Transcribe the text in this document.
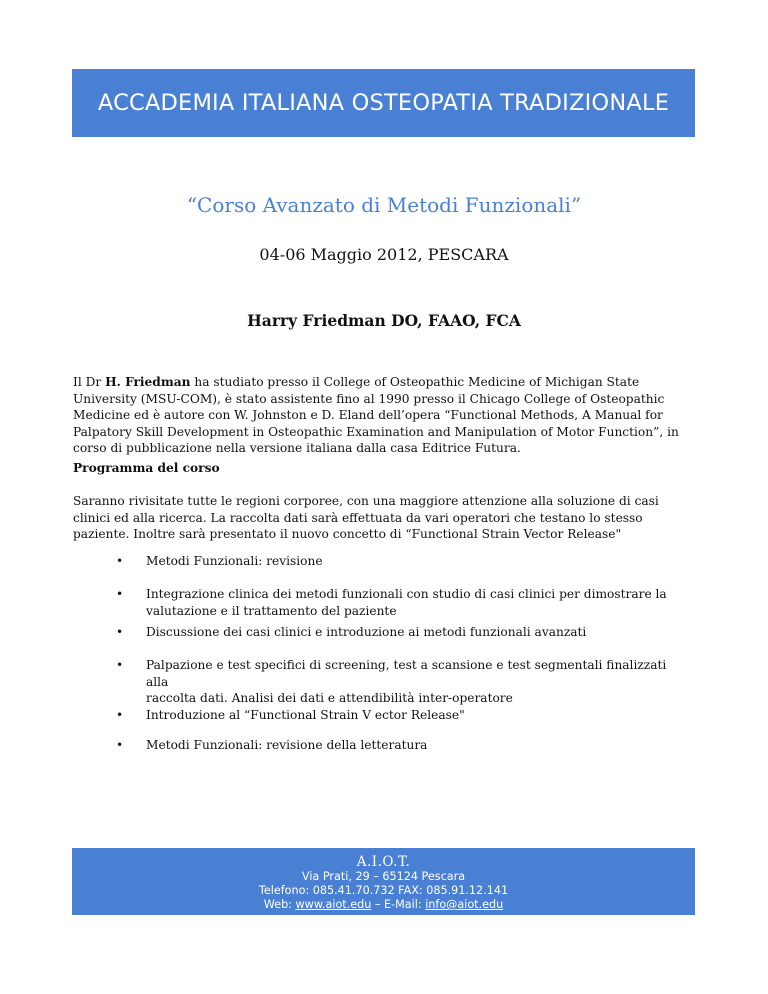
ACCADEMIA ITALIANA OSTEOPATIA TRADIZIONALE
“Corso Avanzato di Metodi Funzionali”
04-06 Maggio 2012, PESCARA
Harry Friedman DO, FAAO, FCA
Il Dr H. Friedman ha studiato presso il College of Osteopathic Medicine of Michigan State University (MSU-COM), è stato assistente fino al 1990 presso il Chicago College of Osteopathic Medicine ed è autore con W. Johnston e D. Eland dell’opera “Functional Methods, A Manual for Palpatory Skill Development in Osteopathic Examination and Manipulation of Motor Function”, in corso di pubblicazione nella versione italiana dalla casa Editrice Futura.
Programma del corso
Saranno rivisitate tutte le regioni corporee, con una maggiore attenzione alla soluzione di casi clinici ed alla ricerca. La raccolta dati sarà effettuata da vari operatori che testano lo stesso paziente. Inoltre sarà presentato il nuovo concetto di “Functional Strain Vector Release"
•	Metodi Funzionali: revisione
•	Integrazione clinica dei metodi funzionali con studio di casi clinici per dimostrare la valutazione e il trattamento del paziente
•	Discussione dei casi clinici e introduzione ai metodi funzionali avanzati
•	Palpazione e test specifici di screening, test a scansione e test segmentali finalizzati alla
raccolta dati. Analisi dei dati e attendibilità inter-operatore
•	Introduzione al “Functional Strain V ector Release"
•	Metodi Funzionali: revisione della letteratura
A.I.O.T.
Via Prati, 29 – 65124 Pescara
Telefono: 085.41.70.732 FAX: 085.91.12.141
Web: www.aiot.edu – E-Mail: info@aiot.edu
